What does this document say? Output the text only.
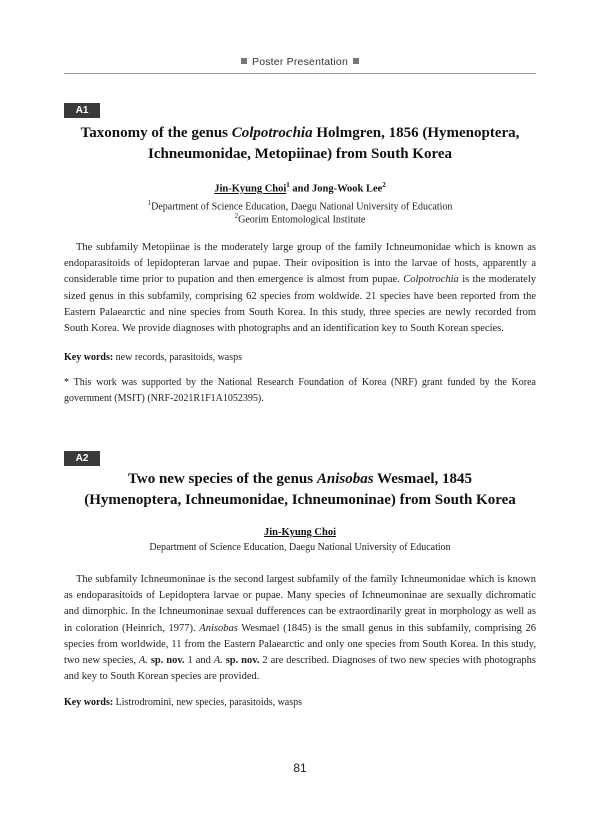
Poster Presentation
A1
Taxonomy of the genus Colpotrochia Holmgren, 1856 (Hymenoptera,
Ichneumonidae, Metopiinae) from South Korea
Jin-Kyung Choi$^1$ and Jong-Wook Lee$^2$
$^1$Department of Science Education, Daegu National University of Education
$^2$Georim Entomological Institute

The subfamily Metopiinae is the moderately large group of the family Ichneumonidae which is known as endoparasitoids of lepidopteran larvae and pupae. Their oviposition is into the larvae of hosts, apparently a considerable time prior to pupation and then emergence is almost from pupae. Colpotrochia is the moderately sized genus in this subfamily, comprising 62 species from woldwide. 21 species have been reported from the Eastern Palaearctic and nine species from South Korea. In this study, three species are newly recorded from South Korea. We provide diagnoses with photographs and an identification key to South Korean species.

Key words: new records, parasitoids, wasps
* This work was supported by the National Research Foundation of Korea (NRF) grant funded by the Korea government (MSIT) (NRF-2021R1F1A1052395).
A2
Two new species of the genus Anisobas Wesmael, 1845
(Hymenoptera, Ichneumonidae, Ichneumoninae) from South Korea
Jin-Kyung Choi
Department of Science Education, Daegu National University of Education

The subfamily Ichneumoninae is the second largest subfamily of the family Ichneumonidae which is known as endoparasitoids of Lepidoptera larvae or pupae. Many species of Ichneumoninae are sexually dichromatic and dimorphic. In the Ichneumoninae sexual dufferences can be extraordinarily great in morphology as well as in coloration (Heinrich, 1977). Anisobas Wesmael (1845) is the small genus in this subfamily, comprising 26 species from worldwide, 11 from the Eastern Palaearctic and only one species from South Korea. In this study, two new species, A. sp. nov. 1 and A. sp. nov. 2 are described. Diagnoses of two new species with photographs and key to South Korean species are provided.

Key words: Listrodromini, new species, parasitoids, wasps
81
